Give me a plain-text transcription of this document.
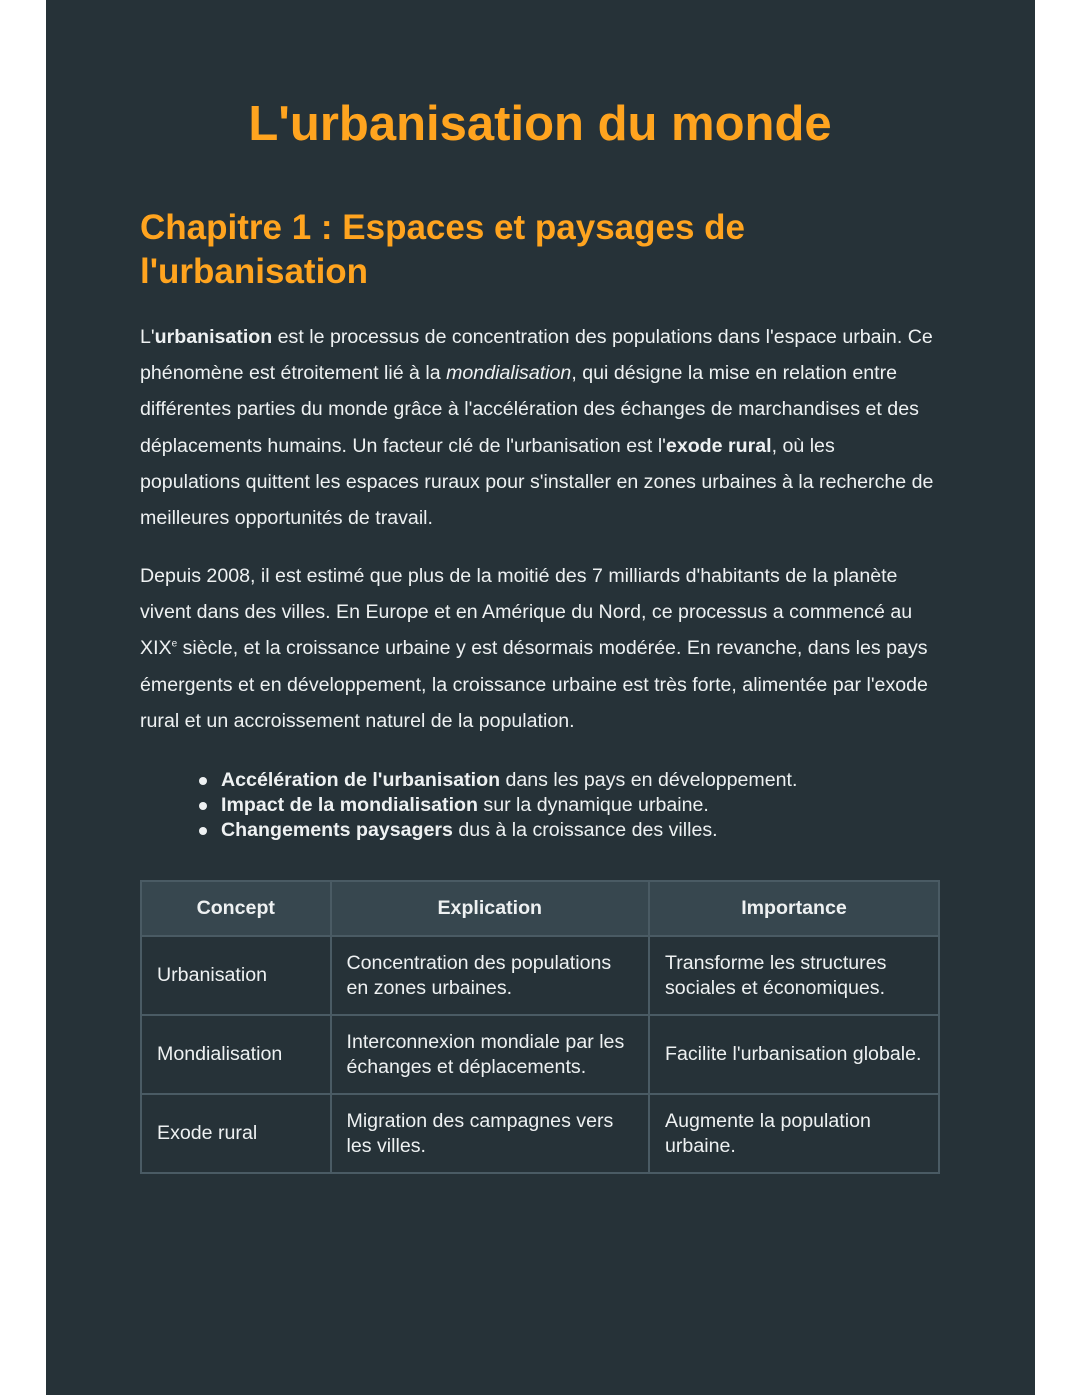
L'urbanisation du monde
Chapitre 1 : Espaces et paysages de l'urbanisation

L'urbanisation est le processus de concentration des populations dans l'espace urbain. Ce phénomène est étroitement lié à la mondialisation, qui désigne la mise en relation entre différentes parties du monde grâce à l'accélération des échanges de marchandises et des déplacements humains. Un facteur clé de l'urbanisation est l'exode rural, où les populations quittent les espaces ruraux pour s'installer en zones urbaines à la recherche de meilleures opportunités de travail.

Depuis 2008, il est estimé que plus de la moitié des 7 milliards d'habitants de la planète vivent dans des villes. En Europe et en Amérique du Nord, ce processus a commencé au XIXe siècle, et la croissance urbaine y est désormais modérée. En revanche, dans les pays émergents et en développement, la croissance urbaine est très forte, alimentée par l'exode rural et un accroissement naturel de la population.

Accélération de l'urbanisation dans les pays en développement.
Impact de la mondialisation sur la dynamique urbaine.
Changements paysagers dus à la croissance des villes.
Concept	Explication	Importance
Urbanisation	Concentration des populations en zones urbaines.	Transforme les structures sociales et économiques.
Mondialisation	Interconnexion mondiale par les échanges et déplacements.	Facilite l'urbanisation globale.
Exode rural	Migration des campagnes vers les villes.	Augmente la population urbaine.
